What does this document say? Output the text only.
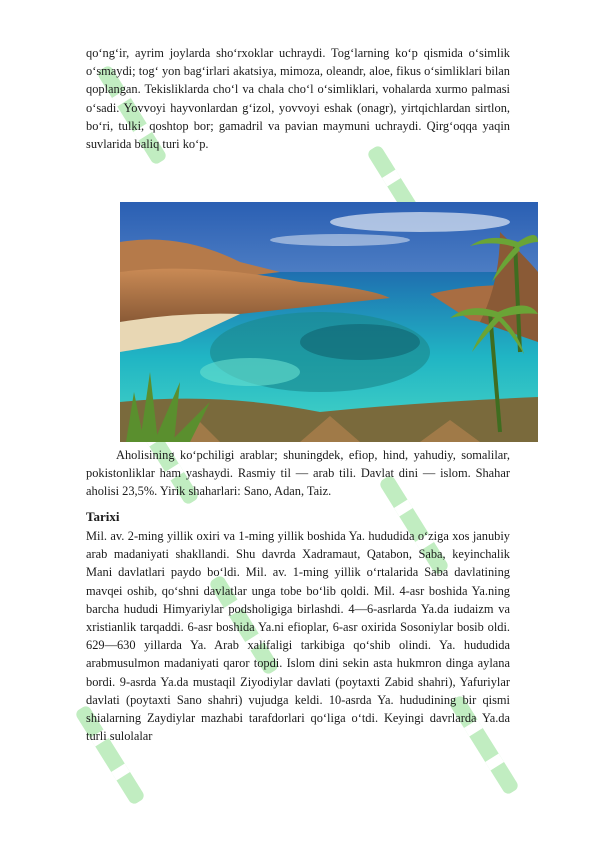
qo‘ng‘ir, ayrim joylarda sho‘rxoklar uchraydi. Tog‘larning ko‘p qismida o‘simlik o‘smaydi; tog‘ yon bag‘irlari akatsiya, mimoza, oleandr, aloe, fikus o‘simliklari bilan qoplangan. Tekisliklarda cho‘l va chala cho‘l o‘simliklari, vohalarda xurmo palmasi o‘sadi. Yovvoyi hayvonlardan g‘izol, yovvoyi eshak (onagr), yirtqichlardan sirtlon, bo‘ri, tulki, qoshtop bor; gamadril va pavian maymuni uchraydi. Qirg‘oqqa yaqin suvlarida baliq turi ko‘p.

Aholisining ko‘pchiligi arablar; shuningdek, efiop, hind, yahudiy, somalilar, pokistonliklar ham yashaydi. Rasmiy til — arab tili. Davlat dini — islom. Shahar aholisi 23,5%. Yirik shaharlari: Sano, Adan, Taiz.

Tarixi

Mil. av. 2-ming yillik oxiri va 1-ming yillik boshida Ya. hududida o‘ziga xos janubiy arab madaniyati shakllandi. Shu davrda Xadramaut, Qatabon, Saba, keyinchalik Mani davlatlari paydo bo‘ldi. Mil. av. 1-ming yillik o‘rtalarida Saba davlatining mavqei oshib, qo‘shni davlatlar unga tobe bo‘lib qoldi. Mil. 4-asr boshida Ya.ning barcha hududi Himyariylar podsholigiga birlashdi. 4—6-asrlarda Ya.da iudaizm va xristianlik tarqaddi. 6-asr boshida Ya.ni efioplar, 6-asr oxirida Sosoniylar bosib oldi. 629—630 yillarda Ya. Arab xalifaligi tarkibiga qo‘shib olindi. Ya. hududida arabmusulmon madaniyati qaror topdi. Islom dini sekin asta hukmron dinga aylana bordi. 9-asrda Ya.da mustaqil Ziyodiylar davlati (poytaxti Zabid shahri), Yafuriylar davlati (poytaxti Sano shahri) vujudga keldi. 10-asrda Ya. hududining bir qismi shialarning Zaydiylar mazhabi tarafdorlari qo‘liga o‘tdi. Keyingi davrlarda Ya.da turli sulolalar
